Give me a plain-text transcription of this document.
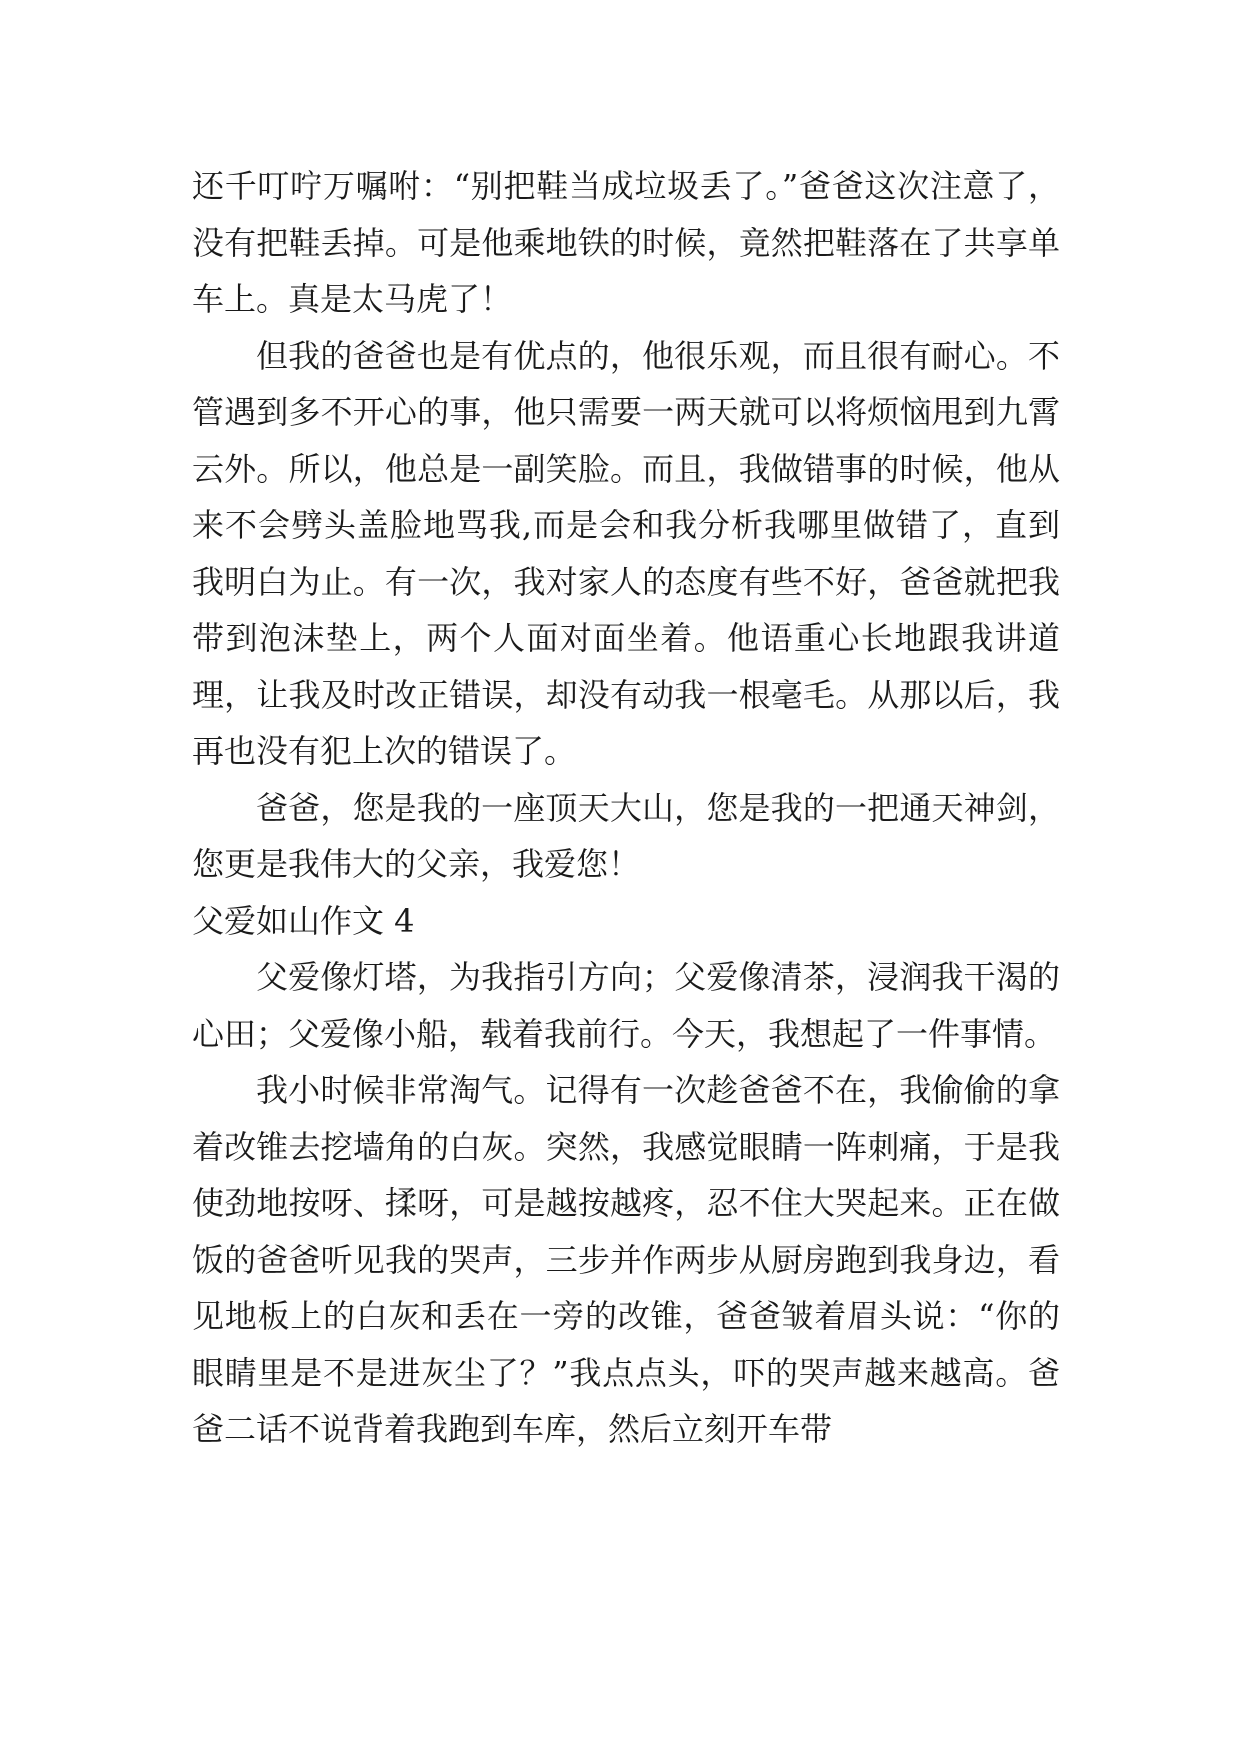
还千叮咛万嘱咐：“别把鞋当成垃圾丢了。”爸爸这次注意了，没有把鞋丢掉。可是他乘地铁的时候，竟然把鞋落在了共享单车上。真是太马虎了！

但我的爸爸也是有优点的，他很乐观，而且很有耐心。不管遇到多不开心的事，他只需要一两天就可以将烦恼甩到九霄云外。所以，他总是一副笑脸。而且，我做错事的时候，他从来不会劈头盖脸地骂我,而是会和我分析我哪里做错了，直到我明白为止。有一次，我对家人的态度有些不好，爸爸就把我带到泡沫垫上，两个人面对面坐着。他语重心长地跟我讲道理，让我及时改正错误，却没有动我一根毫毛。从那以后，我再也没有犯上次的错误了。

爸爸，您是我的一座顶天大山，您是我的一把通天神剑，您更是我伟大的父亲，我爱您！

父爱如山作文 4

父爱像灯塔，为我指引方向；父爱像清茶，浸润我干渴的心田；父爱像小船，载着我前行。今天，我想起了一件事情。

我小时候非常淘气。记得有一次趁爸爸不在，我偷偷的拿着改锥去挖墙角的白灰。突然，我感觉眼睛一阵刺痛，于是我使劲地按呀、揉呀，可是越按越疼，忍不住大哭起来。正在做饭的爸爸听见我的哭声，三步并作两步从厨房跑到我身边，看见地板上的白灰和丢在一旁的改锥，爸爸皱着眉头说：“你的眼睛里是不是进灰尘了？”我点点头，吓的哭声越来越高。爸爸二话不说背着我跑到车库，然后立刻开车带
